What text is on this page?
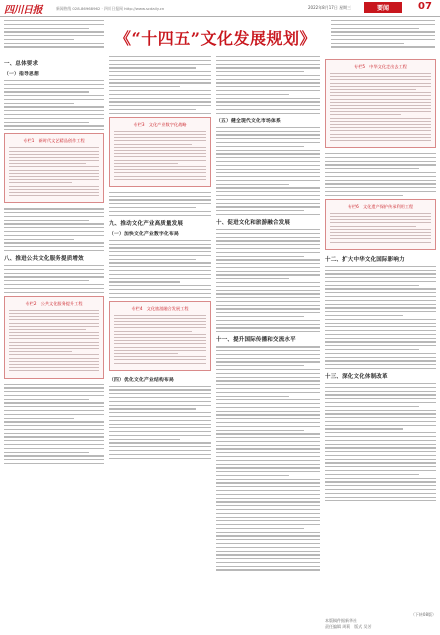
四川日报	新闻热线 028-86968962 · 四川日报网 http://www.scdaily.cn	2022年8月17日 星期三	要闻	07
《“十四五”文化发展规划》
一、总体要求
（一）指导思想
专栏1　新时代文艺精品创作工程
八、推进公共文化服务提质增效
专栏2　公共文化服务提升工程
专栏3　文化产业数字化战略
九、推动文化产业高质量发展
（一）加快文化产业数字化布局
专栏4　文化旅游融合发展工程
（四）优化文化产业结构布局
（五）健全现代文化市场体系
十、促进文化和旅游融合发展
十一、提升国际传播和交流水平
专栏5　中华文化走出去工程
专栏6　文化遗产保护传承利用工程
十二、扩大中华文化国际影响力
十三、深化文化体制改革
（下转08版）
本版稿件据新华社
责任编辑 周莉　版式 吴芳
